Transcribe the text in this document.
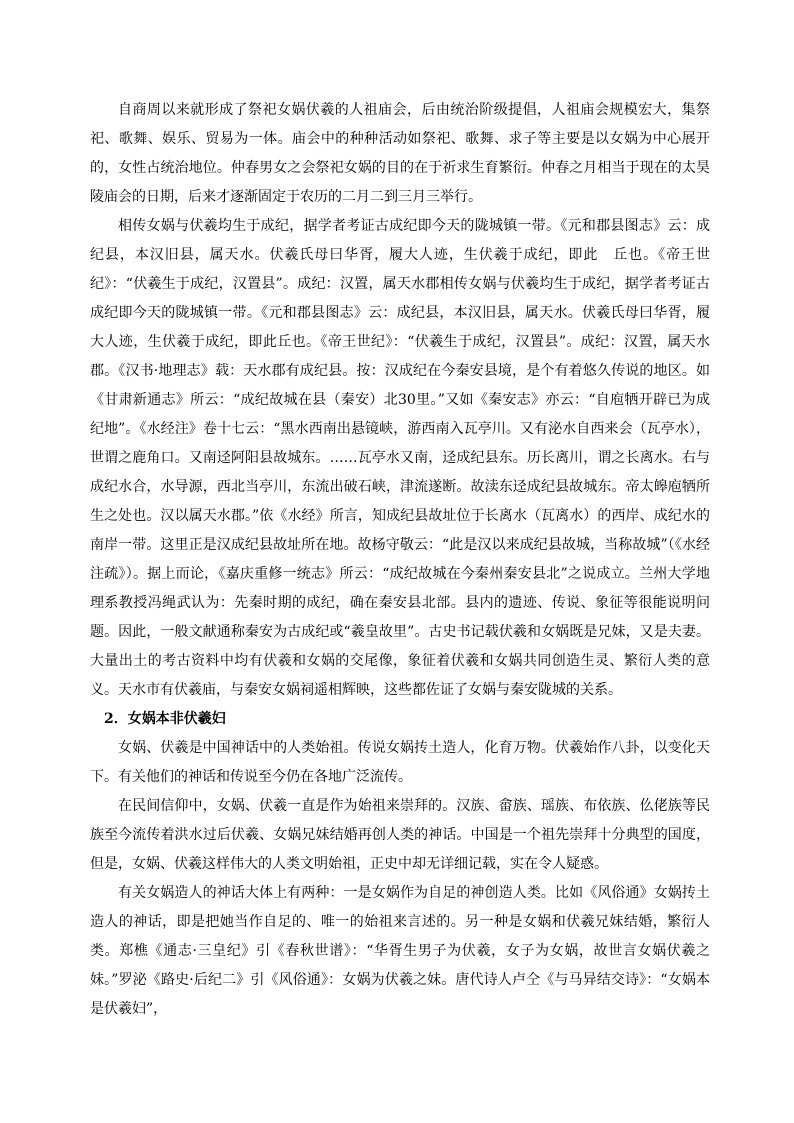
自商周以来就形成了祭祀女娲伏羲的人祖庙会，后由统治阶级提倡，人祖庙会规模宏大，集祭祀、歌舞、娱乐、贸易为一体。庙会中的种种活动如祭祀、歌舞、求子等主要是以女娲为中心展开的，女性占统治地位。仲春男女之会祭祀女娲的目的在于祈求生育繁衍。仲春之月相当于现在的太昊陵庙会的日期，后来才逐渐固定于农历的二月二到三月三举行。

相传女娲与伏羲均生于成纪，据学者考证古成纪即今天的陇城镇一带。《元和郡县图志》云：成纪县，本汉旧县，属天水。伏羲氏母曰华胥，履大人迹，生伏羲于成纪，即此　丘也。《帝王世纪》：“伏羲生于成纪，汉置县”。成纪：汉置，属天水郡相传女娲与伏羲均生于成纪，据学者考证古成纪即今天的陇城镇一带。《元和郡县图志》云：成纪县，本汉旧县，属天水。伏羲氏母曰华胥，履大人迹，生伏羲于成纪，即此丘也。《帝王世纪》：“伏羲生于成纪，汉置县”。成纪：汉置，属天水郡。《汉书·地理志》载：天水郡有成纪县。按：汉成纪在今秦安县境，是个有着悠久传说的地区。如《甘肃新通志》所云：“成纪故城在县（秦安）北30里。”又如《秦安志》亦云：“自庖牺开辟已为成纪地”。《水经注》卷十七云：“黑水西南出悬镜峡，游西南入瓦亭川。又有泌水自西来会（瓦亭水），世谓之鹿角口。又南迳阿阳县故城东。……瓦亭水又南，迳成纪县东。历长离川，谓之长离水。右与成纪水合，水导源，西北当亭川，东流出破石峡，津流遂断。故渎东迳成纪县故城东。帝太皞庖牺所生之处也。汉以属天水郡。”依《水经》所言，知成纪县故址位于长离水（瓦离水）的西岸、成纪水的南岸一带。这里正是汉成纪县故址所在地。故杨守敬云：“此是汉以来成纪县故城，当称故城”（《水经注疏》）。据上而论，《嘉庆重修一统志》所云：“成纪故城在今秦州秦安县北”之说成立。兰州大学地理系教授冯绳武认为：先秦时期的成纪，确在秦安县北部。县内的遗迹、传说、象征等很能说明问题。因此，一般文献通称秦安为古成纪或“羲皇故里”。古史书记载伏羲和女娲既是兄妹，又是夫妻。大量出土的考古资料中均有伏羲和女娲的交尾像，象征着伏羲和女娲共同创造生灵、繁衍人类的意义。天水市有伏羲庙，与秦安女娲祠遥相辉映，这些都佐证了女娲与秦安陇城的关系。

2．女娲本非伏羲妇

女娲、伏羲是中国神话中的人类始祖。传说女娲抟土造人，化育万物。伏羲始作八卦，以变化天下。有关他们的神话和传说至今仍在各地广泛流传。

在民间信仰中，女娲、伏羲一直是作为始祖来崇拜的。汉族、畲族、瑶族、布依族、仫佬族等民族至今流传着洪水过后伏羲、女娲兄妹结婚再创人类的神话。中国是一个祖先崇拜十分典型的国度，但是，女娲、伏羲这样伟大的人类文明始祖，正史中却无详细记载，实在令人疑惑。

有关女娲造人的神话大体上有两种：一是女娲作为自足的神创造人类。比如《风俗通》女娲抟土造人的神话，即是把她当作自足的、唯一的始祖来言述的。另一种是女娲和伏羲兄妹结婚，繁衍人类。郑樵《通志·三皇纪》引《春秋世谱》：“华胥生男子为伏羲，女子为女娲，故世言女娲伏羲之妹。”罗泌《路史·后纪二》引《风俗通》：女娲为伏羲之妹。唐代诗人卢仝《与马异结交诗》：“女娲本是伏羲妇”，
